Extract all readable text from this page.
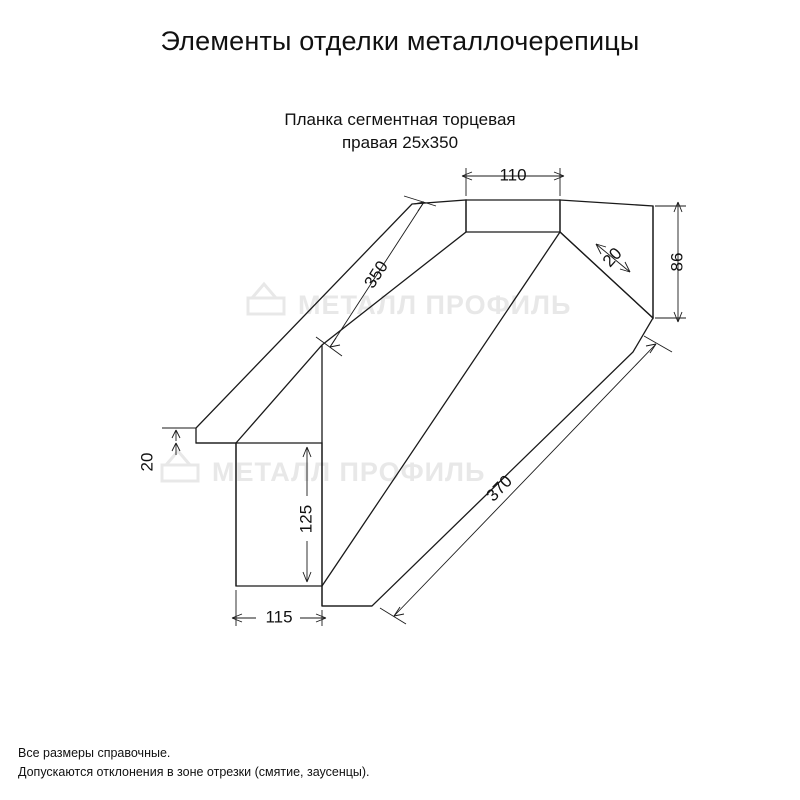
Элементы отделки металлочерепицы
Планка сегментная торцевая
правая 25х350
МЕТАЛЛ ПРОФИЛЬ
МЕТАЛЛ ПРОФИЛЬ
110
86
20
350
370
20
125
115
Все размеры справочные.
Допускаются отклонения в зоне отрезки (смятие, заусенцы).
